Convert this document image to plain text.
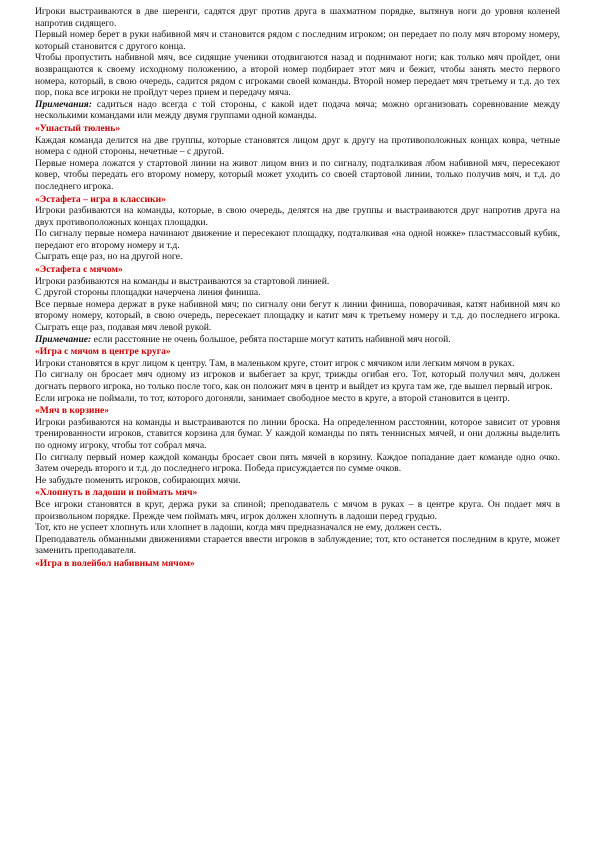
Игроки выстраиваются в две шеренги, садятся друг против друга в шахматном порядке, вытянув ноги до уровня коленей напротив сидящего.

Первый номер берет в руки набивной мяч и становится рядом с последним игроком; он передает по полу мяч второму номеру, который становится с другого конца.

Чтобы пропустить набивной мяч, все сидящие ученики отодвигаются назад и поднимают ноги; как только мяч пройдет, они возвращаются к своему исходному положению, а второй номер подбирает этот мяч и бежит, чтобы занять место первого номера, который, в свою очередь, садится рядом с игроками своей команды. Второй номер передает мяч третьему и т.д. до тех пор, пока все игроки не пройдут через прием и передачу мяча.

Примечания: садиться надо всегда с той стороны, с какой идет подача мяча; можно организовать соревнование между несколькими командами или между двумя группами одной команды.

«Ушастый тюлень»

Каждая команда делится на две группы, которые становятся лицом друг к другу на противоположных концах ковра, четные номера с одной стороны, нечетные – с другой.

Первые номера ложатся у стартовой линии на живот лицом вниз и по сигналу, подталкивая лбом набивной мяч, пересекают ковер, чтобы передать его второму номеру, который может уходить со своей стартовой линии, только получив мяч, и т.д. до последнего игрока.

«Эстафета – игра в классики»

Игроки разбиваются на команды, которые, в свою очередь, делятся на две группы и выстраиваются друг напротив друга на двух противоположных концах площадки.

По сигналу первые номера начинают движение и пересекают площадку, подталкивая «на одной ножке» пластмассовый кубик, передают его второму номеру и т.д.

Сыграть еще раз, но на другой ноге.

«Эстафета с мячом»

Игроки разбиваются на команды и выстраиваются за стартовой линией.

С другой стороны площадки начерчена линия финиша.

Все первые номера держат в руке набивной мяч; по сигналу они бегут к линии финиша, поворачивая, катят набивной мяч ко второму номеру, который, в свою очередь, пересекает площадку и катит мяч к третьему номеру и т.д. до последнего игрока. Сыграть еще раз, подавая мяч левой рукой.

Примечание: если расстояние не очень большое, ребята постарше могут катить набивной мяч ногой.

«Игра с мячом в центре круга»

Игроки становятся в круг лицом к центру. Там, в маленьком круге, стоит игрок с мячиком или легким мячом в руках.

По сигналу он бросает мяч одному из игроков и выбегает за круг, трижды огибая его. Тот, который получил мяч, должен догнать первого игрока, но только после того, как он положит мяч в центр и выйдет из круга там же, где вышел первый игрок.

Если игрока не поймали, то тот, которого догоняли, занимает свободное место в круге, а второй становится в центр.

«Мяч в корзине»

Игроки разбиваются на команды и выстраиваются по линии броска. На определенном расстоянии, которое зависит от уровня тренированности игроков, ставится корзина для бумаг. У каждой команды по пять теннисных мячей, и они должны выделить по одному игроку, чтобы тот собрал мяча.

По сигналу первый номер каждой команды бросает свои пять мячей в корзину. Каждое попадание дает команде одно очко. Затем очередь второго и т.д. до последнего игрока. Победа присуждается по сумме очков.

Не забудьте поменять игроков, собирающих мячи.

«Хлопнуть в ладоши и поймать мяч»

Все игроки становятся в круг, держа руки за спиной; преподаватель с мячом в руках – в центре круга. Он подает мяч в произвольном порядке. Прежде чем поймать мяч, игрок должен хлопнуть в ладоши перед грудью.

Тот, кто не успеет хлопнуть или хлопнет в ладоши, когда мяч предназначался не ему, должен сесть.

Преподаватель обманными движениями старается ввести игроков в заблуждение; тот, кто останется последним в круге, может заменить преподавателя.

«Игра в волейбол набивным мячом»
